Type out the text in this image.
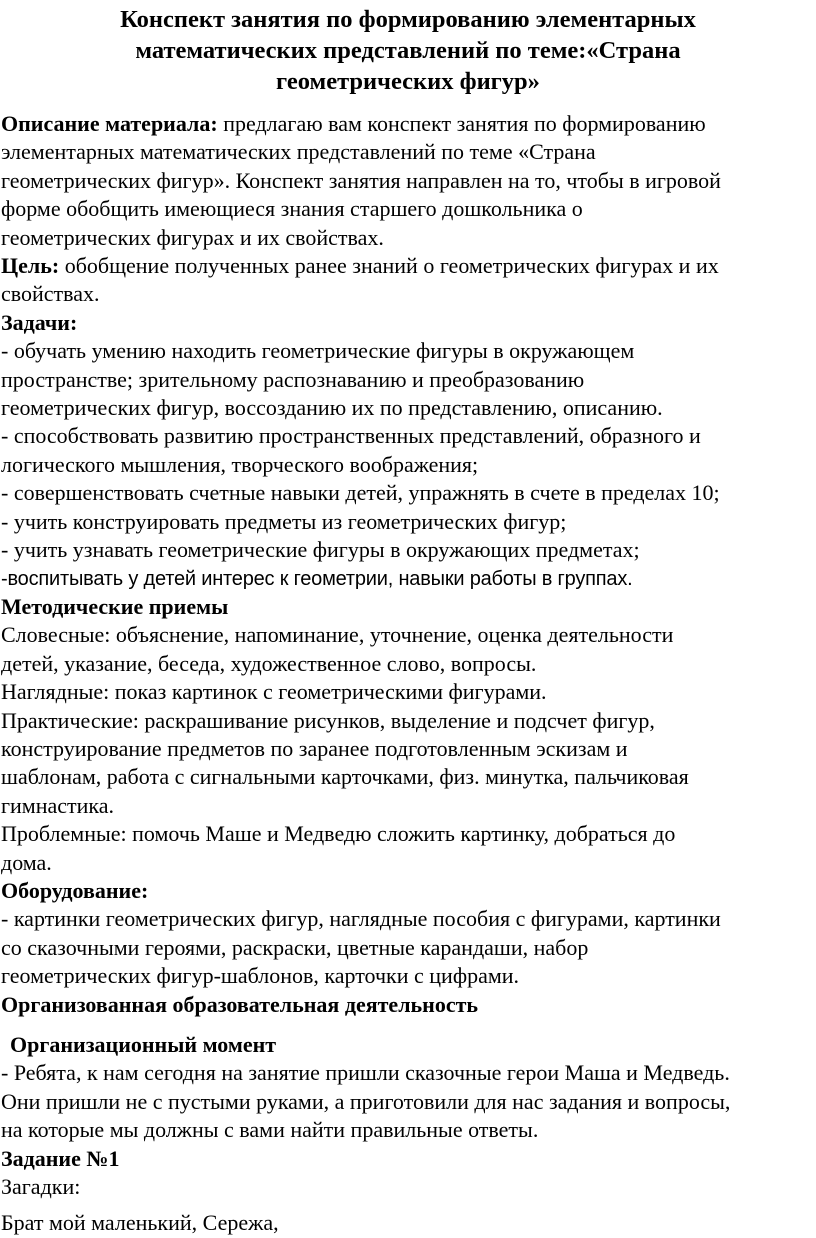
Конспект занятия по формированию элементарных
математических представлений по теме:«Страна
геометрических фигур»
Описание материала: предлагаю вам конспект занятия по формированию
элементарных математических представлений по теме «Страна
геометрических фигур». Конспект занятия направлен на то, чтобы в игровой
форме обобщить имеющиеся знания старшего дошкольника о
геометрических фигурах и их свойствах.
Цель: обобщение полученных ранее знаний о геометрических фигурах и их
свойствах.
Задачи:
- обучать умению находить геометрические фигуры в окружающем
пространстве; зрительному распознаванию и преобразованию
геометрических фигур, воссозданию их по представлению, описанию.
- способствовать развитию пространственных представлений, образного и
логического мышления, творческого воображения;
- совершенствовать счетные навыки детей, упражнять в счете в пределах 10;
- учить конструировать предметы из геометрических фигур;
- учить узнавать геометрические фигуры в окружающих предметах;
-воспитывать у детей интерес к геометрии, навыки работы в группах.
Методические приемы
Словесные: объяснение, напоминание, уточнение, оценка деятельности
детей, указание, беседа, художественное слово, вопросы.
Наглядные: показ картинок с геометрическими фигурами.
Практические: раскрашивание рисунков, выделение и подсчет фигур,
конструирование предметов по заранее подготовленным эскизам и
шаблонам, работа с сигнальными карточками, физ. минутка, пальчиковая
гимнастика.
Проблемные: помочь Маше и Медведю сложить картинку, добраться до
дома.
Оборудование:
- картинки геометрических фигур, наглядные пособия с фигурами, картинки
со сказочными героями, раскраски, цветные карандаши, набор
геометрических фигур-шаблонов, карточки с цифрами.
Организованная образовательная деятельность
Организационный момент
- Ребята, к нам сегодня на занятие пришли сказочные герои Маша и Медведь.
Они пришли не с пустыми руками, а приготовили для нас задания и вопросы,
на которые мы должны с вами найти правильные ответы.
Задание №1
Загадки:
Брат мой маленький, Сережа,
